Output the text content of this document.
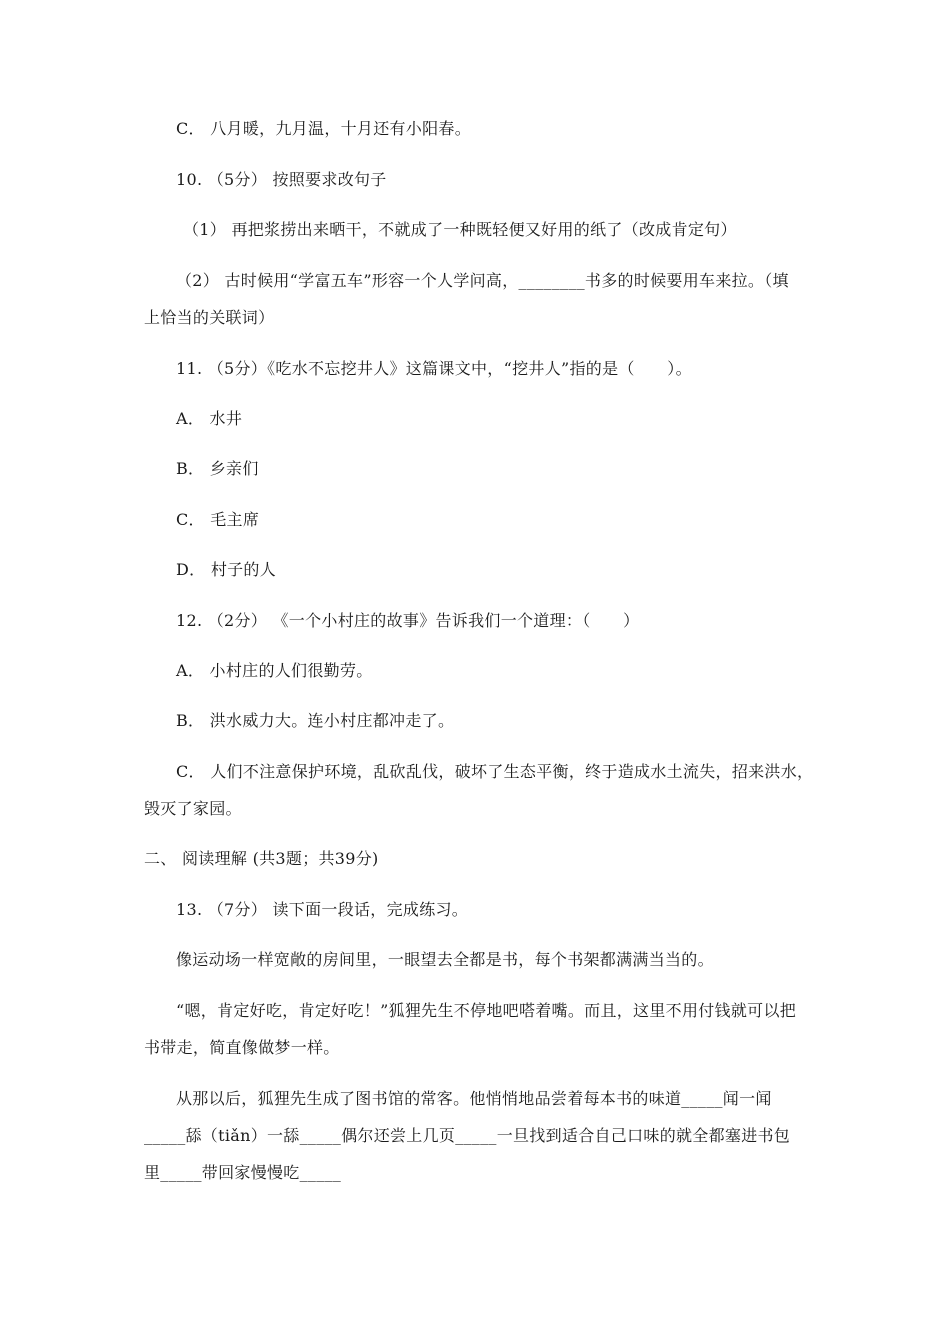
C． 八月暖，九月温，十月还有小阳春。
10. （5分） 按照要求改句子
（1） 再把浆捞出来晒干，不就成了一种既轻便又好用的纸了（改成肯定句）
（2） 古时候用“学富五车”形容一个人学问高，________书多的时候要用车来拉。（填
上恰当的关联词）
11. （5分）《吃水不忘挖井人》这篇课文中，“挖井人”指的是（　　）。
A． 水井
B． 乡亲们
C． 毛主席
D． 村子的人
12. （2分） 《一个小村庄的故事》告诉我们一个道理：（　　）
A． 小村庄的人们很勤劳。
B． 洪水威力大。连小村庄都冲走了。
C． 人们不注意保护环境，乱砍乱伐，破坏了生态平衡，终于造成水土流失，招来洪水，
毁灭了家园。
二、 阅读理解 (共3题；共39分)
13. （7分） 读下面一段话，完成练习。
像运动场一样宽敞的房间里，一眼望去全都是书，每个书架都满满当当的。
“嗯，肯定好吃，肯定好吃！”狐狸先生不停地吧嗒着嘴。而且，这里不用付钱就可以把
书带走，简直像做梦一样。
从那以后，狐狸先生成了图书馆的常客。他悄悄地品尝着每本书的味道_____闻一闻
_____舔（tiǎn）一舔_____偶尔还尝上几页_____一旦找到适合自己口味的就全都塞进书包
里_____带回家慢慢吃_____
